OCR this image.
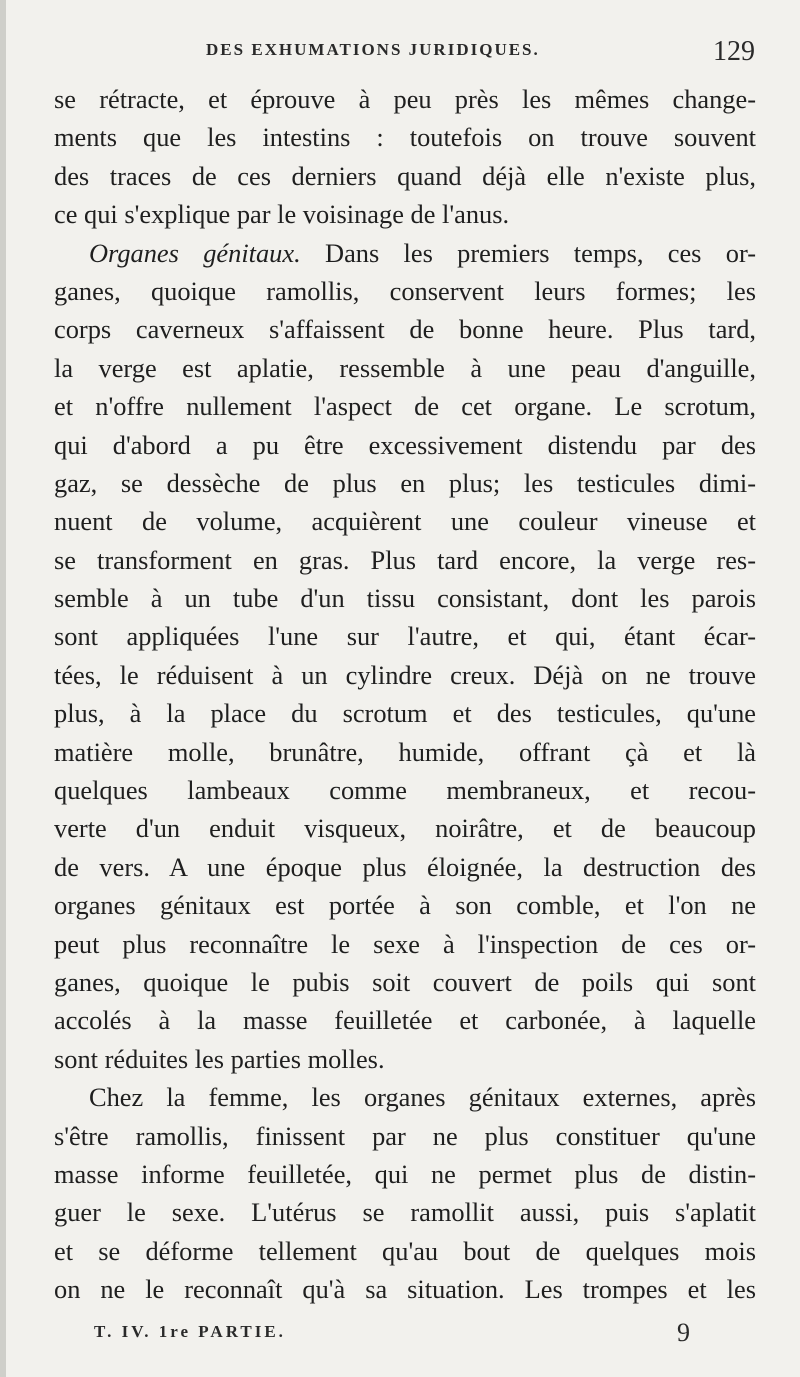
DES EXHUMATIONS JURIDIQUES.	129
se rétracte, et éprouve à peu près les mêmes change-
ments que les intestins : toutefois on trouve souvent
des traces de ces derniers quand déjà elle n'existe plus,
ce qui s'explique par le voisinage de l'anus.
Organes génitaux. Dans les premiers temps, ces or-
ganes, quoique ramollis, conservent leurs formes; les
corps caverneux s'affaissent de bonne heure. Plus tard,
la verge est aplatie, ressemble à une peau d'anguille,
et n'offre nullement l'aspect de cet organe. Le scrotum,
qui d'abord a pu être excessivement distendu par des
gaz, se dessèche de plus en plus; les testicules dimi-
nuent de volume, acquièrent une couleur vineuse et
se transforment en gras. Plus tard encore, la verge res-
semble à un tube d'un tissu consistant, dont les parois
sont appliquées l'une sur l'autre, et qui, étant écar-
tées, le réduisent à un cylindre creux. Déjà on ne trouve
plus, à la place du scrotum et des testicules, qu'une
matière molle, brunâtre, humide, offrant çà et là
quelques lambeaux comme membraneux, et recou-
verte d'un enduit visqueux, noirâtre, et de beaucoup
de vers. A une époque plus éloignée, la destruction des
organes génitaux est portée à son comble, et l'on ne
peut plus reconnaître le sexe à l'inspection de ces or-
ganes, quoique le pubis soit couvert de poils qui sont
accolés à la masse feuilletée et carbonée, à laquelle
sont réduites les parties molles.
Chez la femme, les organes génitaux externes, après
s'être ramollis, finissent par ne plus constituer qu'une
masse informe feuilletée, qui ne permet plus de distin-
guer le sexe. L'utérus se ramollit aussi, puis s'aplatit
et se déforme tellement qu'au bout de quelques mois
on ne le reconnaît qu'à sa situation. Les trompes et les
T. IV. 1re PARTIE.	9
